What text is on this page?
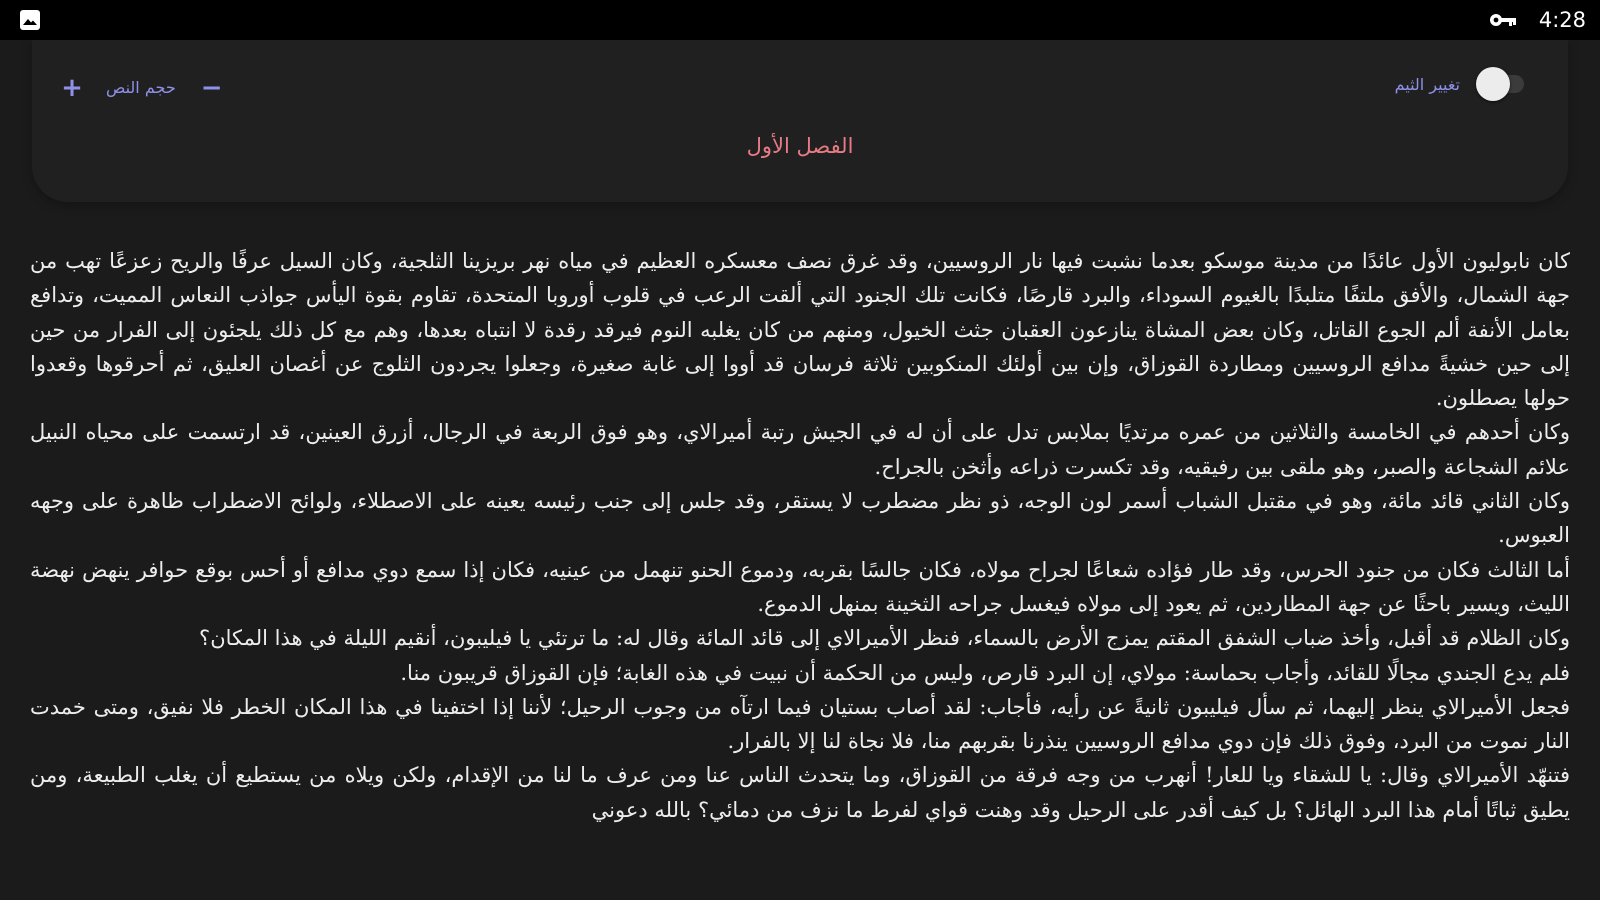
4:28
+ حجم النص −	تغيير الثيم
الفصل الأول

كان نابوليون الأول عائدًا من مدينة موسكو بعدما نشبت فيها نار الروسيين، وقد غرق نصف معسكره العظيم في مياه نهر بريزينا الثلجية، وكان السيل عرفًا والريح زعزعًا تهب من جهة الشمال، والأفق ملتفًا متلبدًا بالغيوم السوداء، والبرد قارصًا، فكانت تلك الجنود التي ألقت الرعب في قلوب أوروبا المتحدة، تقاوم بقوة اليأس جواذب النعاس المميت، وتدافع بعامل الأنفة ألم الجوع القاتل، وكان بعض المشاة ينازعون العقبان جثث الخيول، ومنهم من كان يغلبه النوم فيرقد رقدة لا انتباه بعدها، وهم مع كل ذلك يلجئون إلى الفرار من حين إلى حين خشيةً مدافع الروسيين ومطاردة القوزاق، وإن بين أولئك المنكوبين ثلاثة فرسان قد أووا إلى غابة صغيرة، وجعلوا يجردون الثلوج عن أغصان العليق، ثم أحرقوها وقعدوا حولها يصطلون.

وكان أحدهم في الخامسة والثلاثين من عمره مرتديًا بملابس تدل على أن له في الجيش رتبة أميرالاي، وهو فوق الربعة في الرجال، أزرق العينين، قد ارتسمت على محياه النبيل علائم الشجاعة والصبر، وهو ملقى بين رفيقيه، وقد تكسرت ذراعه وأثخن بالجراح.

وكان الثاني قائد مائة، وهو في مقتبل الشباب أسمر لون الوجه، ذو نظر مضطرب لا يستقر، وقد جلس إلى جنب رئيسه يعينه على الاصطلاء، ولوائح الاضطراب ظاهرة على وجهه العبوس.

أما الثالث فكان من جنود الحرس، وقد طار فؤاده شعاعًا لجراح مولاه، فكان جالسًا بقربه، ودموع الحنو تنهمل من عينيه، فكان إذا سمع دوي مدافع أو أحس بوقع حوافر ينهض نهضة الليث، ويسير باحثًا عن جهة المطاردين، ثم يعود إلى مولاه فيغسل جراحه الثخينة بمنهل الدموع.

وكان الظلام قد أقبل، وأخذ ضباب الشفق المقتم يمزج الأرض بالسماء، فنظر الأميرالاي إلى قائد المائة وقال له: ما ترتئي يا فيليبون، أنقيم الليلة في هذا المكان؟

فلم يدع الجندي مجالًا للقائد، وأجاب بحماسة: مولاي، إن البرد قارص، وليس من الحكمة أن نبيت في هذه الغابة؛ فإن القوزاق قريبون منا.

فجعل الأميرالاي ينظر إليهما، ثم سأل فيليبون ثانيةً عن رأيه، فأجاب: لقد أصاب بستيان فيما ارتآه من وجوب الرحيل؛ لأننا إذا اختفينا في هذا المكان الخطر فلا نفيق، ومتى خمدت النار نموت من البرد، وفوق ذلك فإن دوي مدافع الروسيين ينذرنا بقربهم منا، فلا نجاة لنا إلا بالفرار.

فتنهّد الأميرالاي وقال: يا للشقاء ويا للعار! أنهرب من وجه فرقة من القوزاق، وما يتحدث الناس عنا ومن عرف ما لنا من الإقدام، ولكن ويلاه من يستطيع أن يغلب الطبيعة، ومن يطيق ثباتًا أمام هذا البرد الهائل؟ بل كيف أقدر على الرحيل وقد وهنت قواي لفرط ما نزف من دمائي؟ بالله دعوني
